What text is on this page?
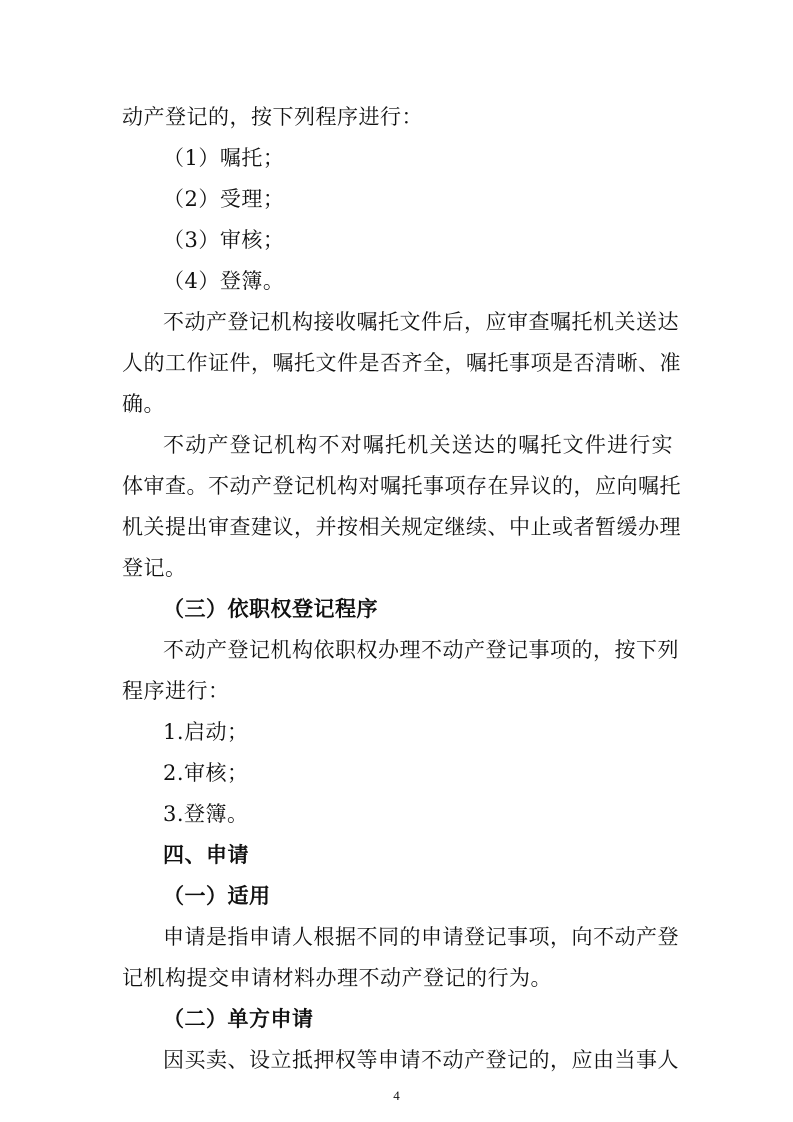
动产登记的，按下列程序进行：
（1）嘱托；
（2）受理；
（3）审核；
（4）登簿。
不动产登记机构接收嘱托文件后，应审查嘱托机关送达
人的工作证件，嘱托文件是否齐全，嘱托事项是否清晰、准
确。
不动产登记机构不对嘱托机关送达的嘱托文件进行实
体审查。不动产登记机构对嘱托事项存在异议的，应向嘱托
机关提出审查建议，并按相关规定继续、中止或者暂缓办理
登记。
（三）依职权登记程序
不动产登记机构依职权办理不动产登记事项的，按下列
程序进行：
1.启动；
2.审核；
3.登簿。
四、申请
（一）适用
申请是指申请人根据不同的申请登记事项，向不动产登
记机构提交申请材料办理不动产登记的行为。
（二）单方申请
因买卖、设立抵押权等申请不动产登记的，应由当事人
4
